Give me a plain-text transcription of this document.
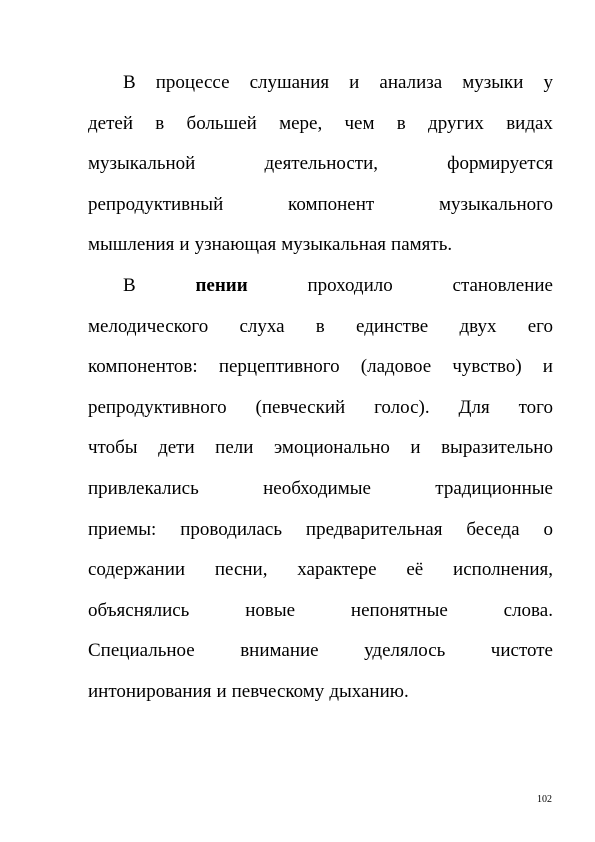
В процессе слушания и анализа музыки у
детей в большей мере, чем в других видах
музыкальной	деятельности,	формируется
репродуктивный	компонент	музыкального
мышления и узнающая музыкальная память.
В	пении	проходило	становление
мелодического слуха в единстве двух его
компонентов: перцептивного (ладовое чувство) и
репродуктивного (певческий голос). Для того
чтобы дети пели эмоционально и выразительно
привлекались	необходимые	традиционные
приемы: проводилась предварительная беседа о
содержании песни, характере её исполнения,
объяснялись	новые	непонятные	слова.
Специальное внимание уделялось чистоте
интонирования и певческому дыханию.
102
